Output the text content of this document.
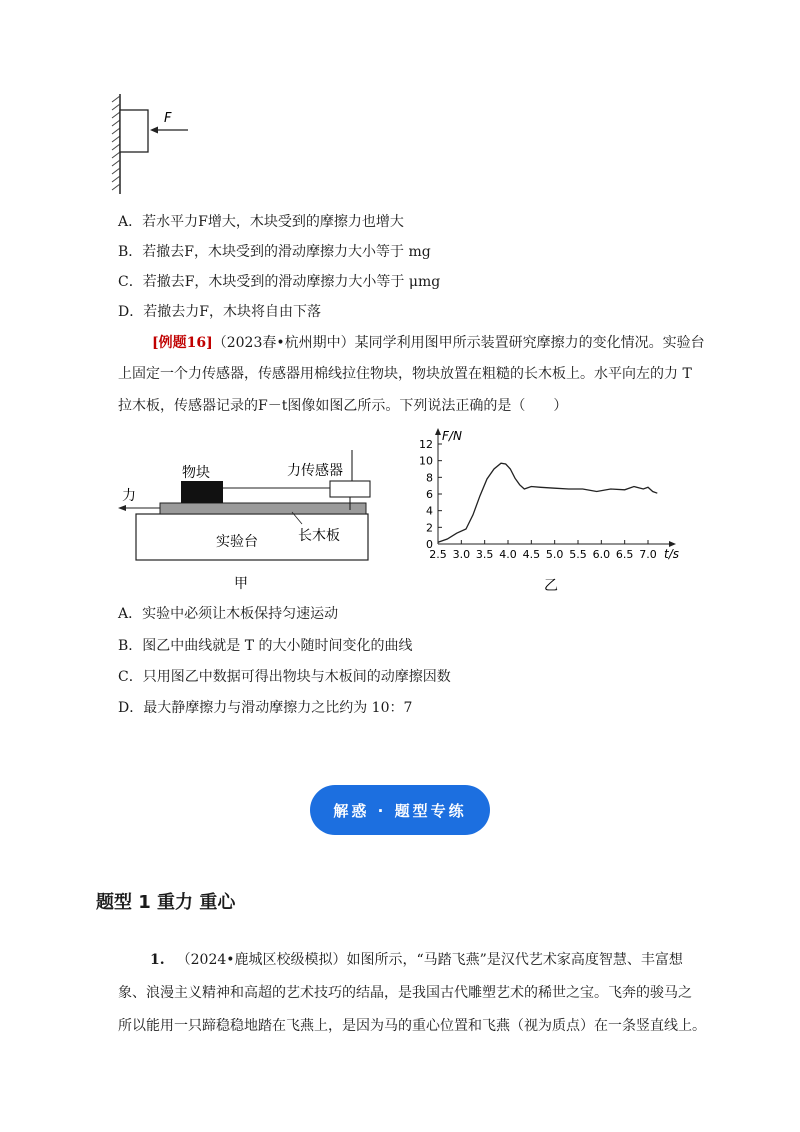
F
A．若水平力F增大，木块受到的摩擦力也增大
B．若撤去F，木块受到的滑动摩擦力大小等于 mg
C．若撤去F，木块受到的滑动摩擦力大小等于 μmg
D．若撤去力F，木块将自由下落
[例题16]（2023春•杭州期中）某同学利用图甲所示装置研究摩擦力的变化情况。实验台
上固定一个力传感器，传感器用棉线拉住物块，物块放置在粗糙的长木板上。水平向左的力 T
拉木板，传感器记录的F－t图像如图乙所示。下列说法正确的是（　　）
物块	力传感器
力
长木板
实验台
甲
0
2
4
6
8
10
12
2.5 3.0 3.5 4.0 4.5 5.0 5.5 6.0 6.5 7.0
F/N
t/s
乙
A．实验中必须让木板保持匀速运动
B．图乙中曲线就是 T 的大小随时间变化的曲线
C．只用图乙中数据可得出物块与木板间的动摩擦因数
D．最大静摩擦力与滑动摩擦力之比约为 10：7
解惑 · 题型专练
题型 1 重力 重心
1. （2024•鹿城区校级模拟）如图所示，“马踏飞燕”是汉代艺术家高度智慧、丰富想
象、浪漫主义精神和高超的艺术技巧的结晶，是我国古代雕塑艺术的稀世之宝。飞奔的骏马之
所以能用一只蹄稳稳地踏在飞燕上，是因为马的重心位置和飞燕（视为质点）在一条竖直线上。
